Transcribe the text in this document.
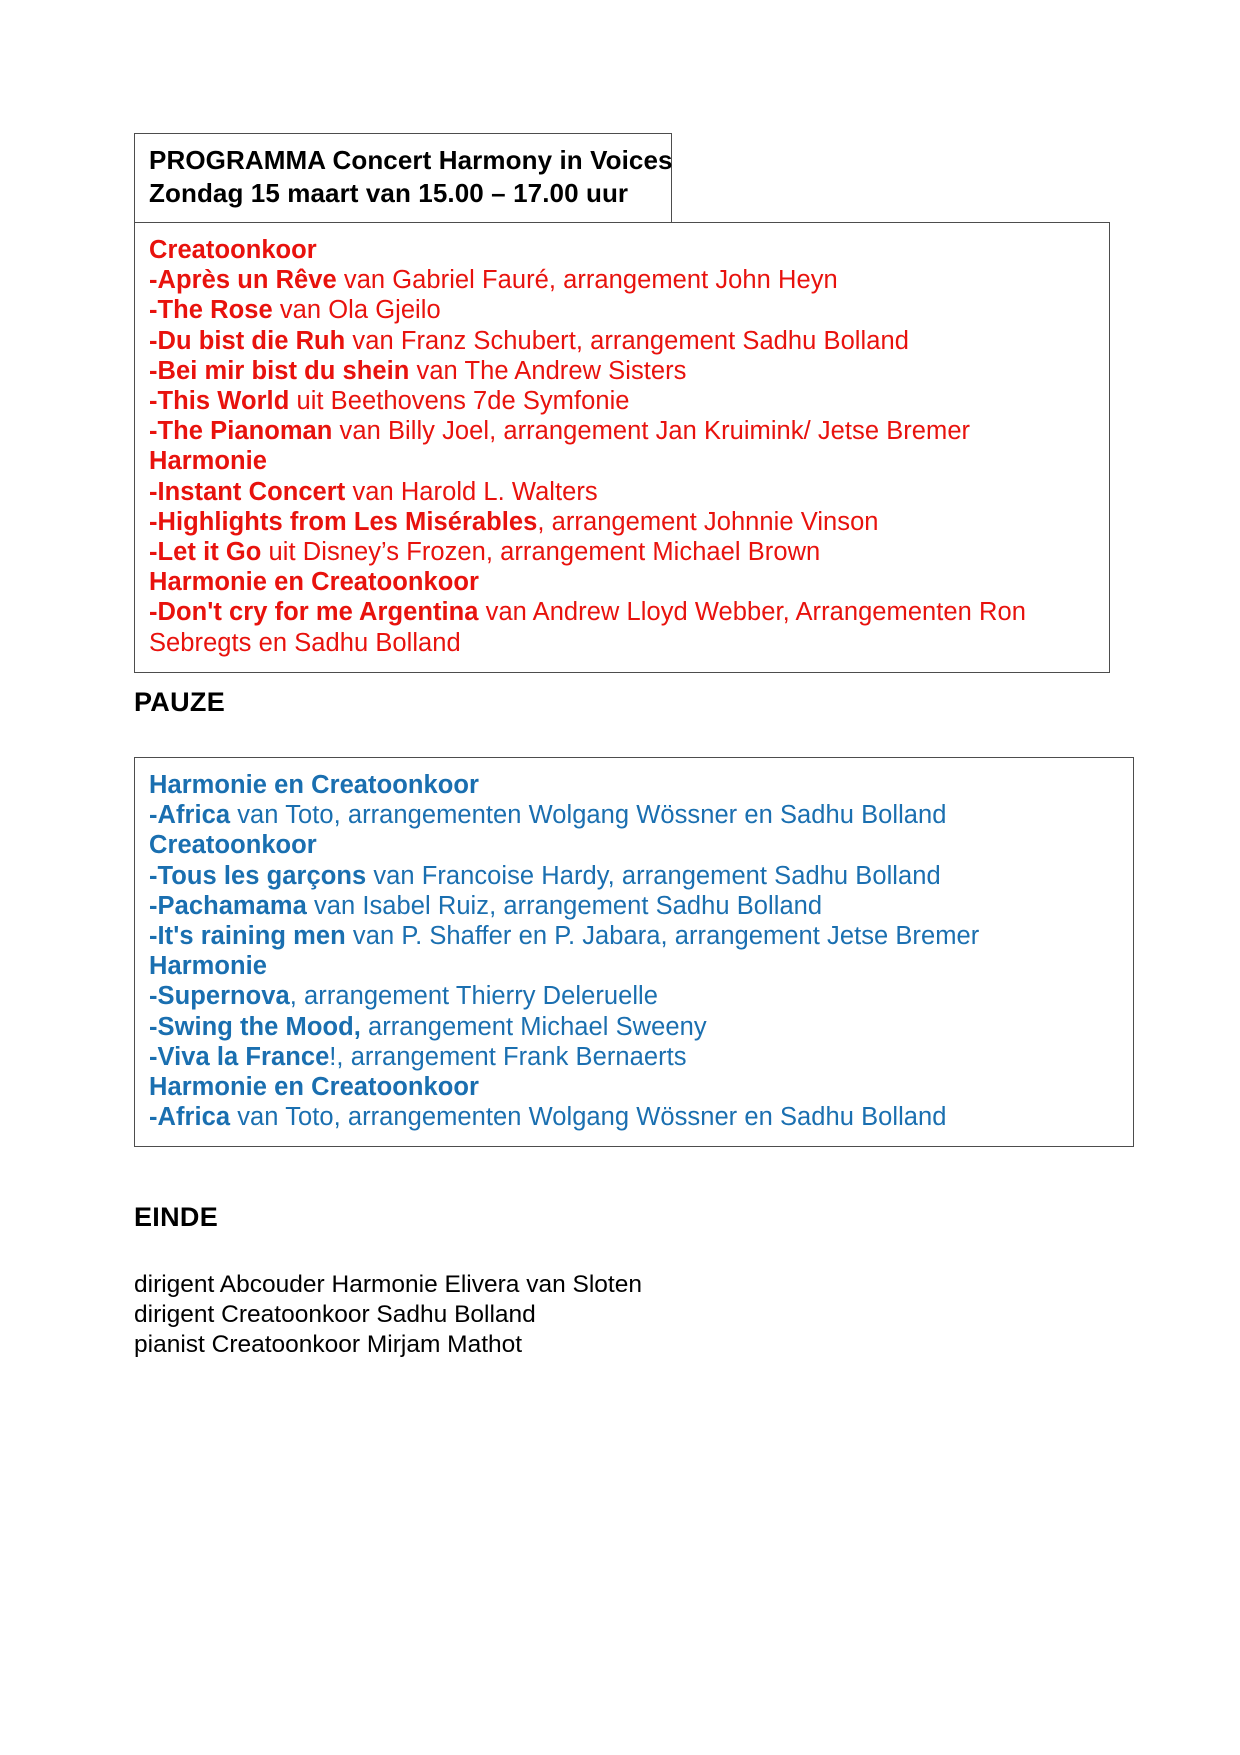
PROGRAMMA Concert Harmony in Voices
Zondag 15 maart van 15.00 – 17.00 uur
Creatoonkoor
-Après un Rêve van Gabriel Fauré, arrangement John Heyn
-The Rose van Ola Gjeilo
-Du bist die Ruh van Franz Schubert, arrangement Sadhu Bolland
-Bei mir bist du shein van The Andrew Sisters
-This World uit Beethovens 7de Symfonie
-The Pianoman van Billy Joel, arrangement Jan Kruimink/ Jetse Bremer
Harmonie
-Instant Concert van Harold L. Walters
-Highlights from Les Misérables, arrangement Johnnie Vinson
-Let it Go uit Disney’s Frozen, arrangement Michael Brown
Harmonie en Creatoonkoor
-Don't cry for me Argentina van Andrew Lloyd Webber, Arrangementen Ron Sebregts en Sadhu Bolland
PAUZE
Harmonie en Creatoonkoor
-Africa van Toto, arrangementen Wolgang Wössner en Sadhu Bolland
Creatoonkoor
-Tous les garçons van Francoise Hardy, arrangement Sadhu Bolland
-Pachamama van Isabel Ruiz, arrangement Sadhu Bolland
-It's raining men van P. Shaffer en P. Jabara, arrangement Jetse Bremer
Harmonie
-Supernova, arrangement Thierry Deleruelle
-Swing the Mood, arrangement Michael Sweeny
-Viva la France!, arrangement Frank Bernaerts
Harmonie en Creatoonkoor
-Africa van Toto, arrangementen Wolgang Wössner en Sadhu Bolland
EINDE
dirigent Abcouder Harmonie Elivera van Sloten
dirigent Creatoonkoor Sadhu Bolland
pianist Creatoonkoor Mirjam Mathot
